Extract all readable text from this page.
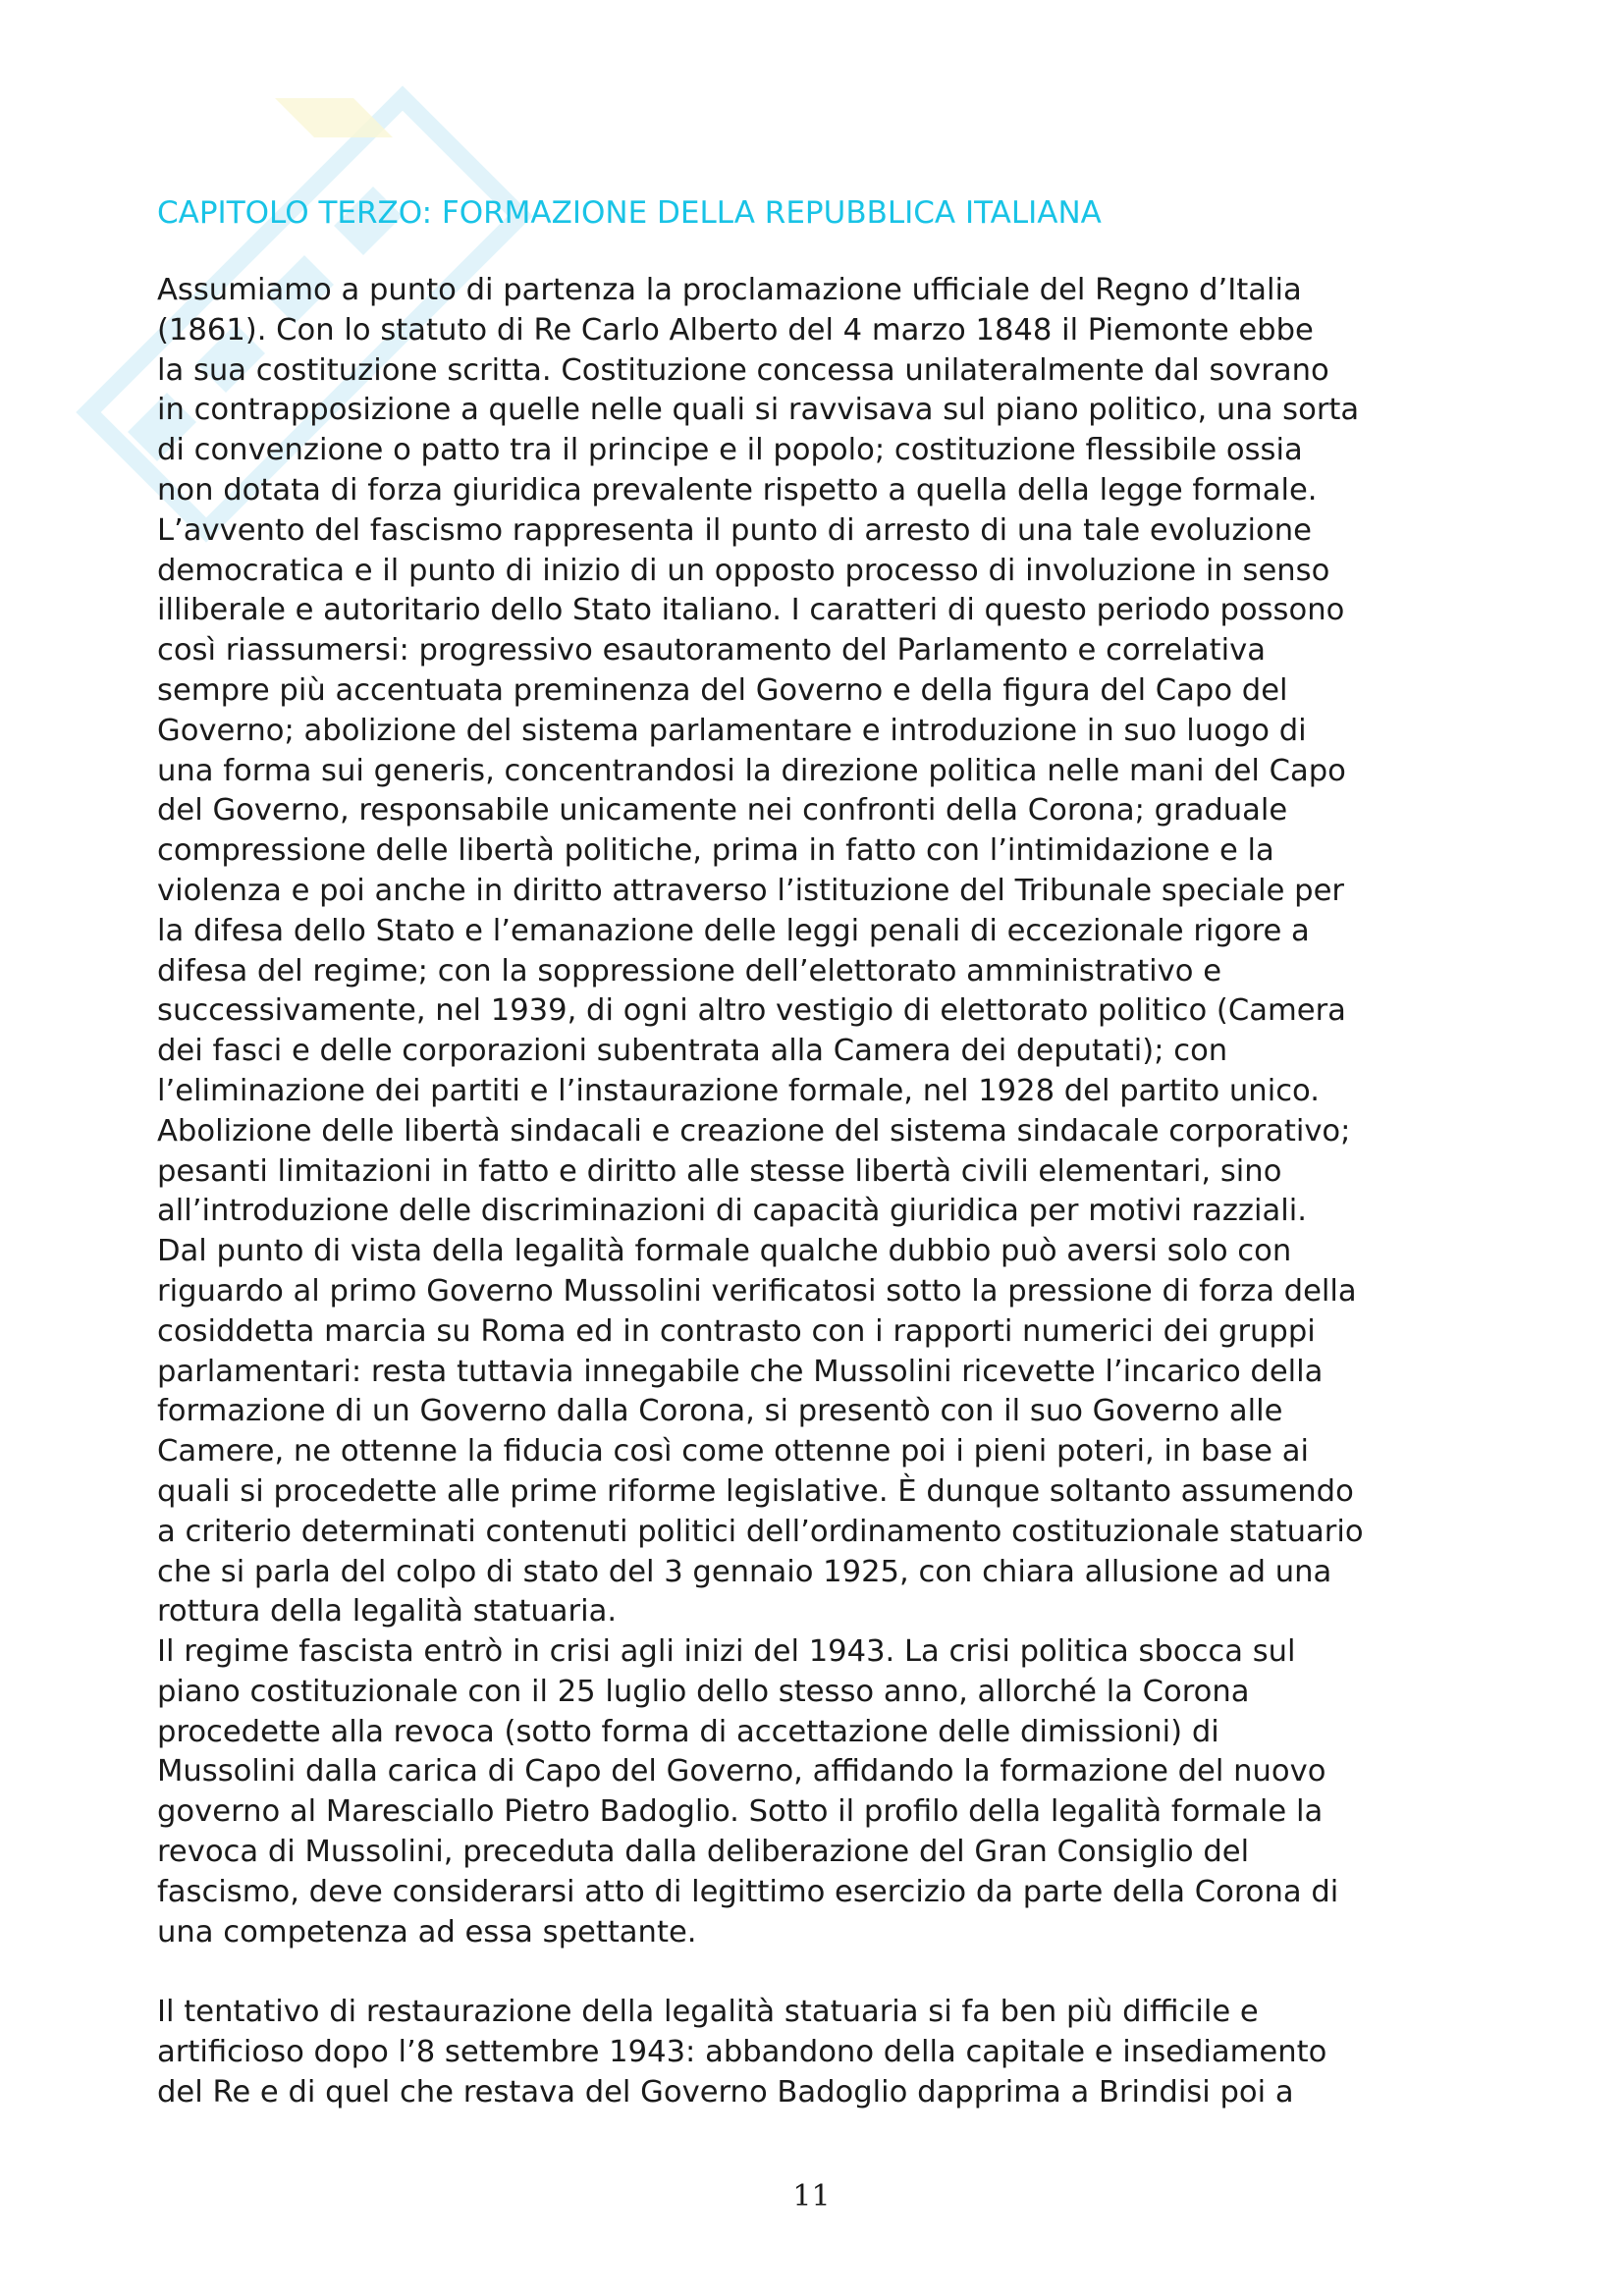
CAPITOLO TERZO: FORMAZIONE DELLA REPUBBLICA ITALIANA
Assumiamo a punto di partenza la proclamazione ufficiale del Regno d’Italia
(1861). Con lo statuto di Re Carlo Alberto del 4 marzo 1848 il Piemonte ebbe
la sua costituzione scritta. Costituzione concessa unilateralmente dal sovrano
in contrapposizione a quelle nelle quali si ravvisava sul piano politico, una sorta
di convenzione o patto tra il principe e il popolo; costituzione flessibile ossia
non dotata di forza giuridica prevalente rispetto a quella della legge formale.
L’avvento del fascismo rappresenta il punto di arresto di una tale evoluzione
democratica e il punto di inizio di un opposto processo di involuzione in senso
illiberale e autoritario dello Stato italiano. I caratteri di questo periodo possono
così riassumersi: progressivo esautoramento del Parlamento e correlativa
sempre più accentuata preminenza del Governo e della figura del Capo del
Governo; abolizione del sistema parlamentare e introduzione in suo luogo di
una forma sui generis, concentrandosi la direzione politica nelle mani del Capo
del Governo, responsabile unicamente nei confronti della Corona; graduale
compressione delle libertà politiche, prima in fatto con l’intimidazione e la
violenza e poi anche in diritto attraverso l’istituzione del Tribunale speciale per
la difesa dello Stato e l’emanazione delle leggi penali di eccezionale rigore a
difesa del regime; con la soppressione dell’elettorato amministrativo e
successivamente, nel 1939, di ogni altro vestigio di elettorato politico (Camera
dei fasci e delle corporazioni subentrata alla Camera dei deputati); con
l’eliminazione dei partiti e l’instaurazione formale, nel 1928 del partito unico.
Abolizione delle libertà sindacali e creazione del sistema sindacale corporativo;
pesanti limitazioni in fatto e diritto alle stesse libertà civili elementari, sino
all’introduzione delle discriminazioni di capacità giuridica per motivi razziali.
Dal punto di vista della legalità formale qualche dubbio può aversi solo con
riguardo al primo Governo Mussolini verificatosi sotto la pressione di forza della
cosiddetta marcia su Roma ed in contrasto con i rapporti numerici dei gruppi
parlamentari: resta tuttavia innegabile che Mussolini ricevette l’incarico della
formazione di un Governo dalla Corona, si presentò con il suo Governo alle
Camere, ne ottenne la fiducia così come ottenne poi i pieni poteri, in base ai
quali si procedette alle prime riforme legislative. È dunque soltanto assumendo
a criterio determinati contenuti politici dell’ordinamento costituzionale statuario
che si parla del colpo di stato del 3 gennaio 1925, con chiara allusione ad una
rottura della legalità statuaria.
Il regime fascista entrò in crisi agli inizi del 1943. La crisi politica sbocca sul
piano costituzionale con il 25 luglio dello stesso anno, allorché la Corona
procedette alla revoca (sotto forma di accettazione delle dimissioni) di
Mussolini dalla carica di Capo del Governo, affidando la formazione del nuovo
governo al Maresciallo Pietro Badoglio. Sotto il profilo della legalità formale la
revoca di Mussolini, preceduta dalla deliberazione del Gran Consiglio del
fascismo, deve considerarsi atto di legittimo esercizio da parte della Corona di
una competenza ad essa spettante.
Il tentativo di restaurazione della legalità statuaria si fa ben più difficile e
artificioso dopo l’8 settembre 1943: abbandono della capitale e insediamento
del Re e di quel che restava del Governo Badoglio dapprima a Brindisi poi a
11
